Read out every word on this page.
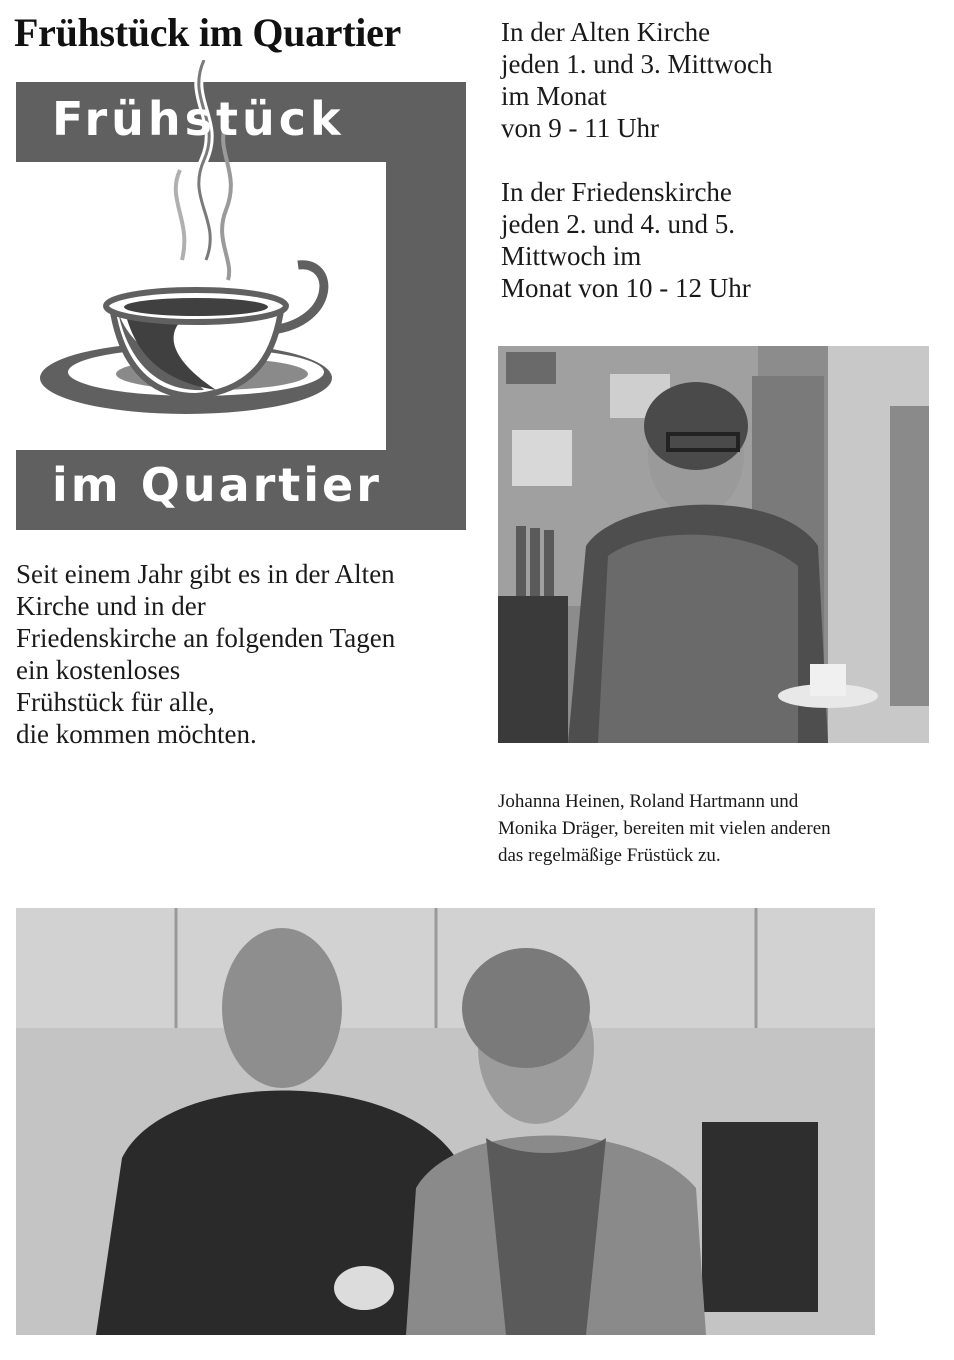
Frühstück im Quartier	In der Alten Kirche
jeden 1. und 3. Mittwoch
im Monat
von 9 - 11 Uhr
In der Friedenskirche
jeden 2. und 4. und 5.
Mittwoch im
Monat von 10 - 12 Uhr
Frühstück
im Quartier
Seit einem Jahr gibt es in der Alten
Kirche und in der
Friedenskirche an folgenden Tagen
ein kostenloses
Frühstück für alle,
die kommen möchten.
Johanna Heinen, Roland Hartmann und
Monika Dräger, bereiten mit vielen anderen
das regelmäßige Früstück zu.
